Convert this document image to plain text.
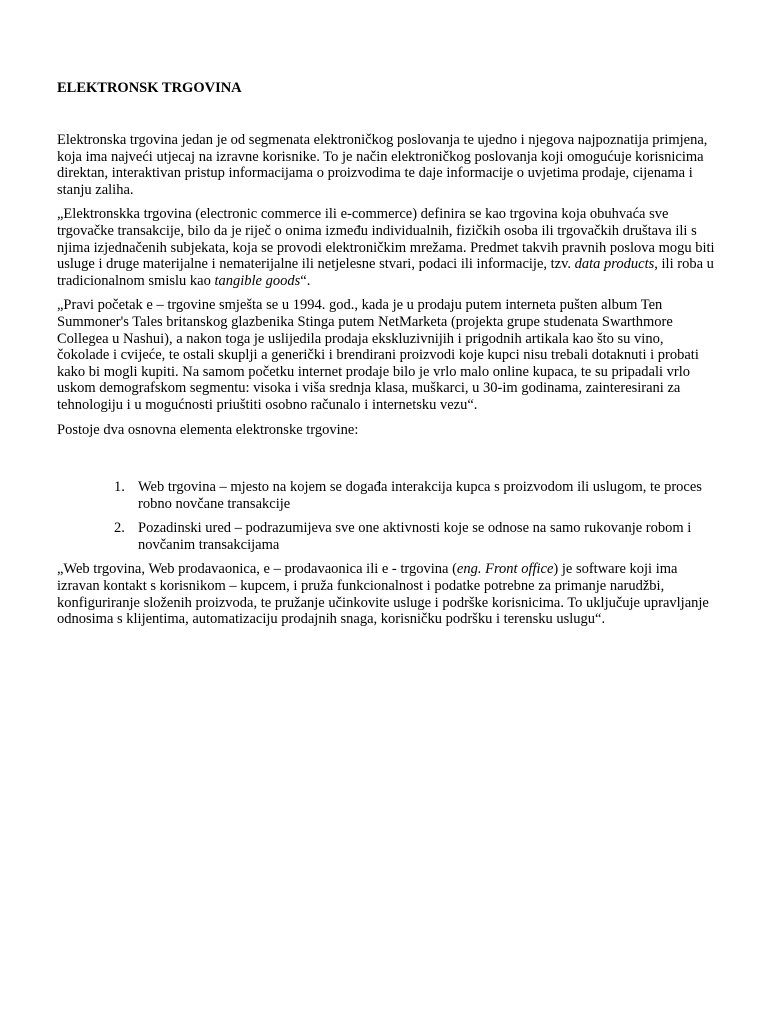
ELEKTRONSK TRGOVINA

Elektronska trgovina jedan je od segmenata elektroničkog poslovanja te ujedno i njegova najpoznatija primjena, koja ima najveći utjecaj na izravne korisnike. To je način elektroničkog poslovanja koji omogućuje korisnicima direktan, interaktivan pristup informacijama o proizvodima te daje informacije o uvjetima prodaje, cijenama i stanju zaliha.

„Elektronskka trgovina (electronic commerce ili e-commerce) definira se kao trgovina koja obuhvaća sve trgovačke transakcije, bilo da je riječ o onima između individualnih, fizičkih osoba ili trgovačkih društava ili s njima izjednačenih subjekata, koja se provodi elektroničkim mrežama. Predmet takvih pravnih poslova mogu biti usluge i druge materijalne i nematerijalne ili netjelesne stvari, podaci ili informacije, tzv. data products, ili roba u tradicionalnom smislu kao tangible goods“.

„Pravi početak e – trgovine smješta se u 1994. god., kada je u prodaju putem interneta pušten album Ten Summoner's Tales britanskog glazbenika Stinga putem NetMarketa (projekta grupe studenata Swarthmore Collegea u Nashui), a nakon toga je uslijedila prodaja ekskluzivnijih i prigodnih artikala kao što su vino, čokolade i cvijeće, te ostali skuplji a generički i brendirani proizvodi koje kupci nisu trebali dotaknuti i probati kako bi mogli kupiti. Na samom početku internet prodaje bilo je vrlo malo online kupaca, te su pripadali vrlo uskom demografskom segmentu: visoka i viša srednja klasa, muškarci, u 30-im godinama, zainteresirani za tehnologiju i u mogućnosti priuštiti osobno računalo i internetsku vezu“.

Postoje dva osnovna elementa elektronske trgovine:

1. Web trgovina – mjesto na kojem se događa interakcija kupca s proizvodom ili uslugom, te proces robno novčane transakcije
2. Pozadinski ured – podrazumijeva sve one aktivnosti koje se odnose na samo rukovanje robom i novčanim transakcijama

„Web trgovina, Web prodavaonica, e – prodavaonica ili e - trgovina (eng. Front office) je software koji ima izravan kontakt s korisnikom – kupcem, i pruža funkcionalnost i podatke potrebne za primanje narudžbi, konfiguriranje složenih proizvoda, te pružanje učinkovite usluge i podrške korisnicima. To uključuje upravljanje odnosima s klijentima, automatizaciju prodajnih snaga, korisničku podršku i terensku uslugu“.
